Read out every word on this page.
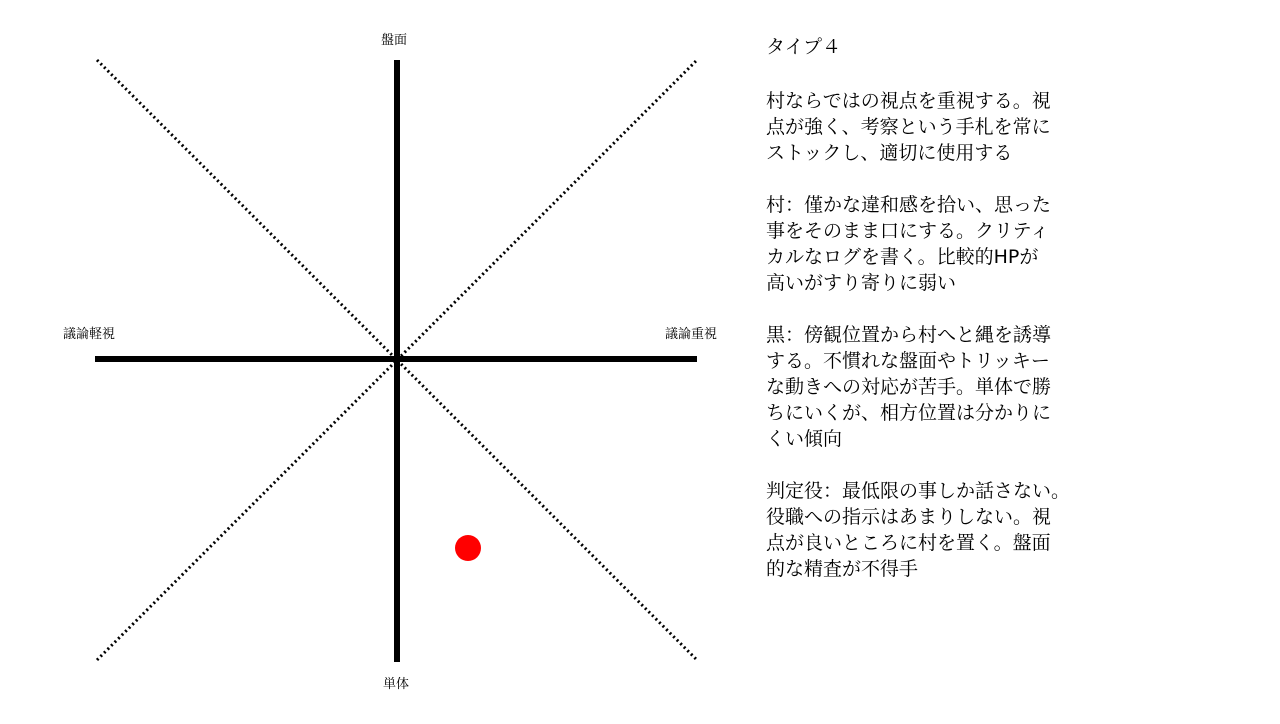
盤面
単体
議論軽視	議論重視
タイプ４
村ならではの視点を重視する。視
点が強く、考察という手札を常に
ストックし、適切に使用する
村：僅かな違和感を拾い、思った
事をそのまま口にする。クリティ
カルなログを書く。比較的HPが
高いがすり寄りに弱い
黒：傍観位置から村へと縄を誘導
する。不慣れな盤面やトリッキー
な動きへの対応が苦手。単体で勝
ちにいくが、相方位置は分かりに
くい傾向
判定役：最低限の事しか話さない。
役職への指示はあまりしない。視
点が良いところに村を置く。盤面
的な精査が不得手
